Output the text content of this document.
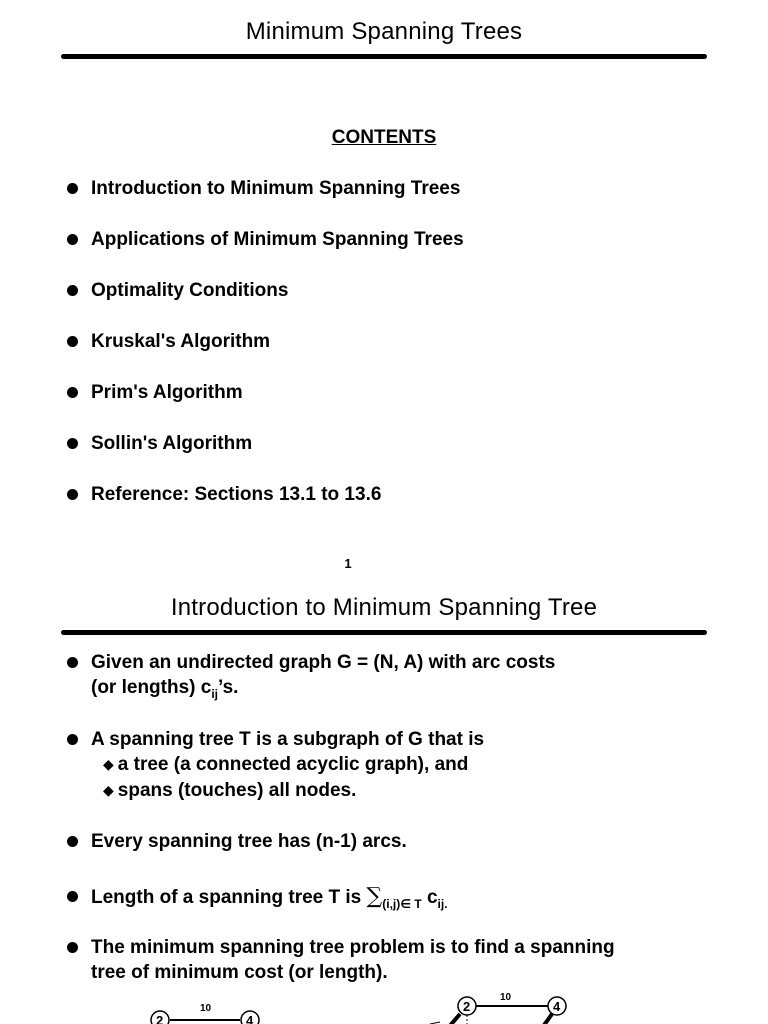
Minimum Spanning Trees
CONTENTS
Introduction to Minimum Spanning Trees
Applications of Minimum Spanning Trees
Optimality Conditions
Kruskal's Algorithm
Prim's Algorithm
Sollin's Algorithm
Reference: Sections 13.1 to 13.6
1
Introduction to Minimum Spanning Tree
Given an undirected graph G = (N, A) with arc costs
(or lengths) $c_{ij}’s$.
A spanning tree T is a subgraph of G that is
◆ a tree (a connected acyclic graph), and
◆ spans (touches) all nodes.
Every spanning tree has (n-1) arcs.
Length of a spanning tree T is $\sum_{(i,j)\in T}$ $c_{ij.}$
The minimum spanning tree problem is to find a spanning
tree of minimum cost (or length).
10
2	4
10
2	4
